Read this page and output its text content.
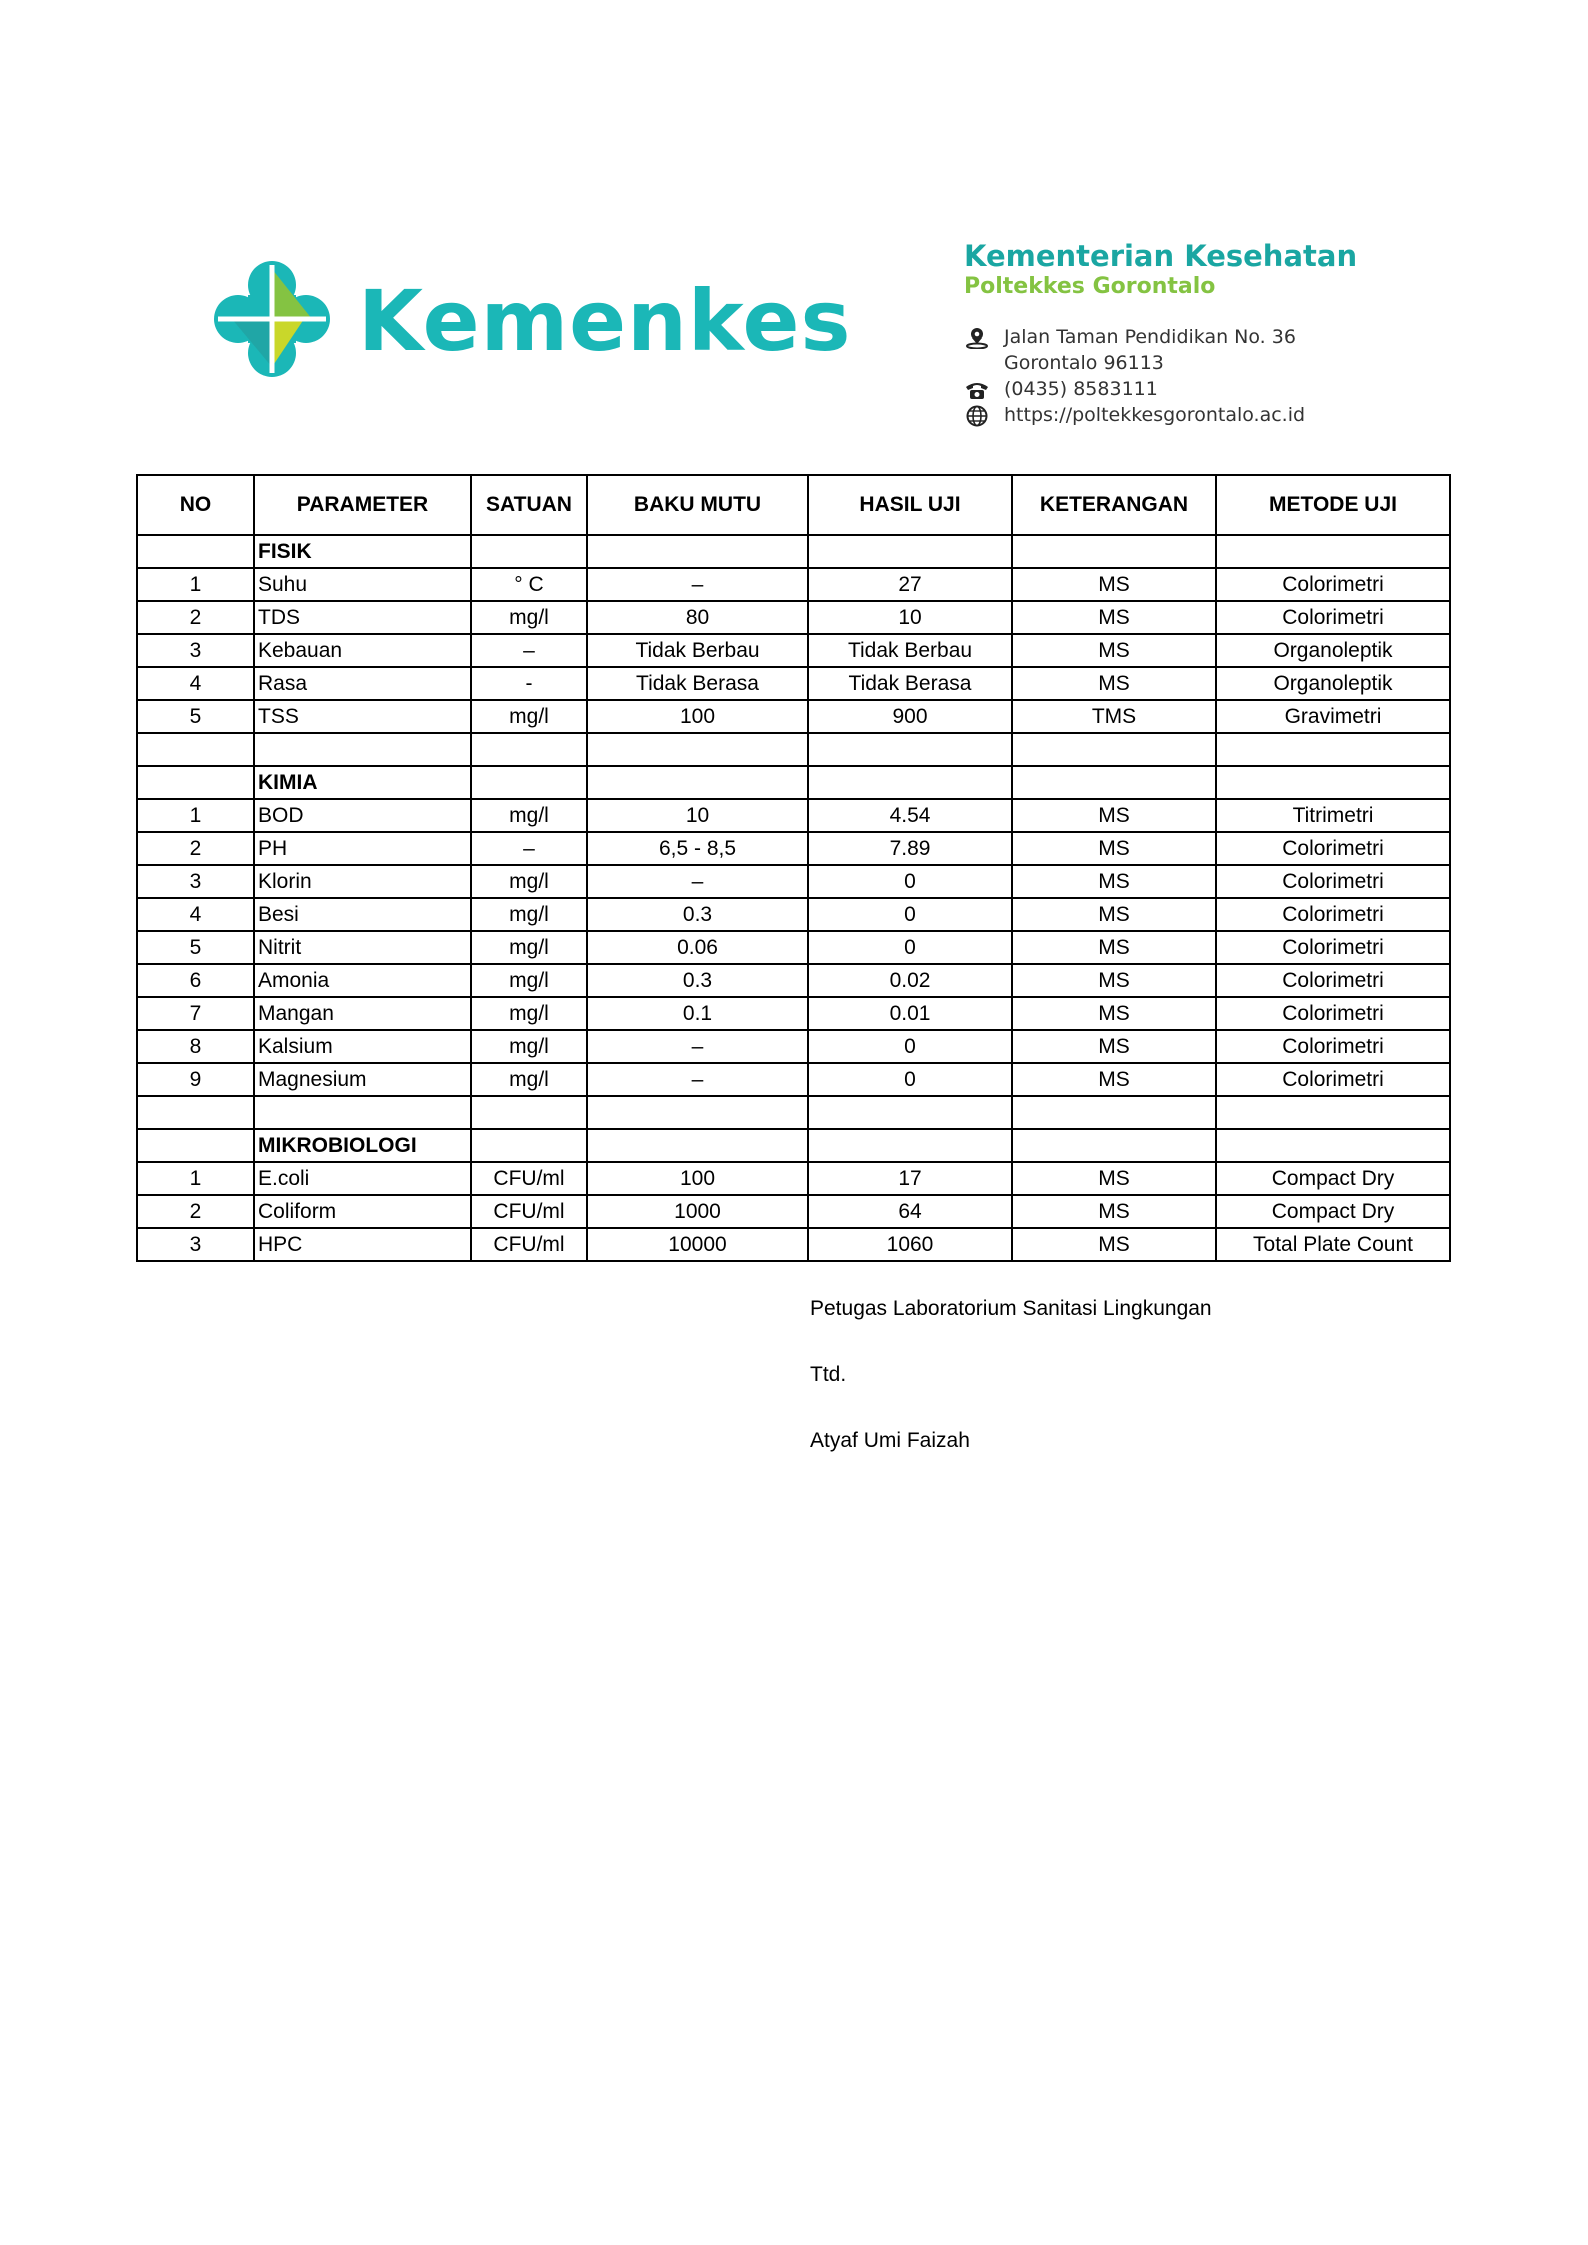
Kemenkes
Kementerian Kesehatan
Poltekkes Gorontalo
Jalan Taman Pendidikan No. 36
Gorontalo 96113
(0435) 8583111
https://poltekkesgorontalo.ac.id
NO	PARAMETER	SATUAN	BAKU MUTU	HASIL UJI	KETERANGAN	METODE UJI
	FISIK					
1	Suhu	° C	–	27	MS	Colorimetri
2	TDS	mg/l	80	10	MS	Colorimetri
3	Kebauan	–	Tidak Berbau	Tidak Berbau	MS	Organoleptik
4	Rasa	-	Tidak Berasa	Tidak Berasa	MS	Organoleptik
5	TSS	mg/l	100	900	TMS	Gravimetri

	KIMIA					
1	BOD	mg/l	10	4.54	MS	Titrimetri
2	PH	–	6,5 - 8,5	7.89	MS	Colorimetri
3	Klorin	mg/l	–	0	MS	Colorimetri
4	Besi	mg/l	0.3	0	MS	Colorimetri
5	Nitrit	mg/l	0.06	0	MS	Colorimetri
6	Amonia	mg/l	0.3	0.02	MS	Colorimetri
7	Mangan	mg/l	0.1	0.01	MS	Colorimetri
8	Kalsium	mg/l	–	0	MS	Colorimetri
9	Magnesium	mg/l	–	0	MS	Colorimetri

	MIKROBIOLOGI					
1	E.coli	CFU/ml	100	17	MS	Compact Dry
2	Coliform	CFU/ml	1000	64	MS	Compact Dry
3	HPC	CFU/ml	10000	1060	MS	Total Plate Count
Petugas Laboratorium Sanitasi Lingkungan
Ttd.
Atyaf Umi Faizah
